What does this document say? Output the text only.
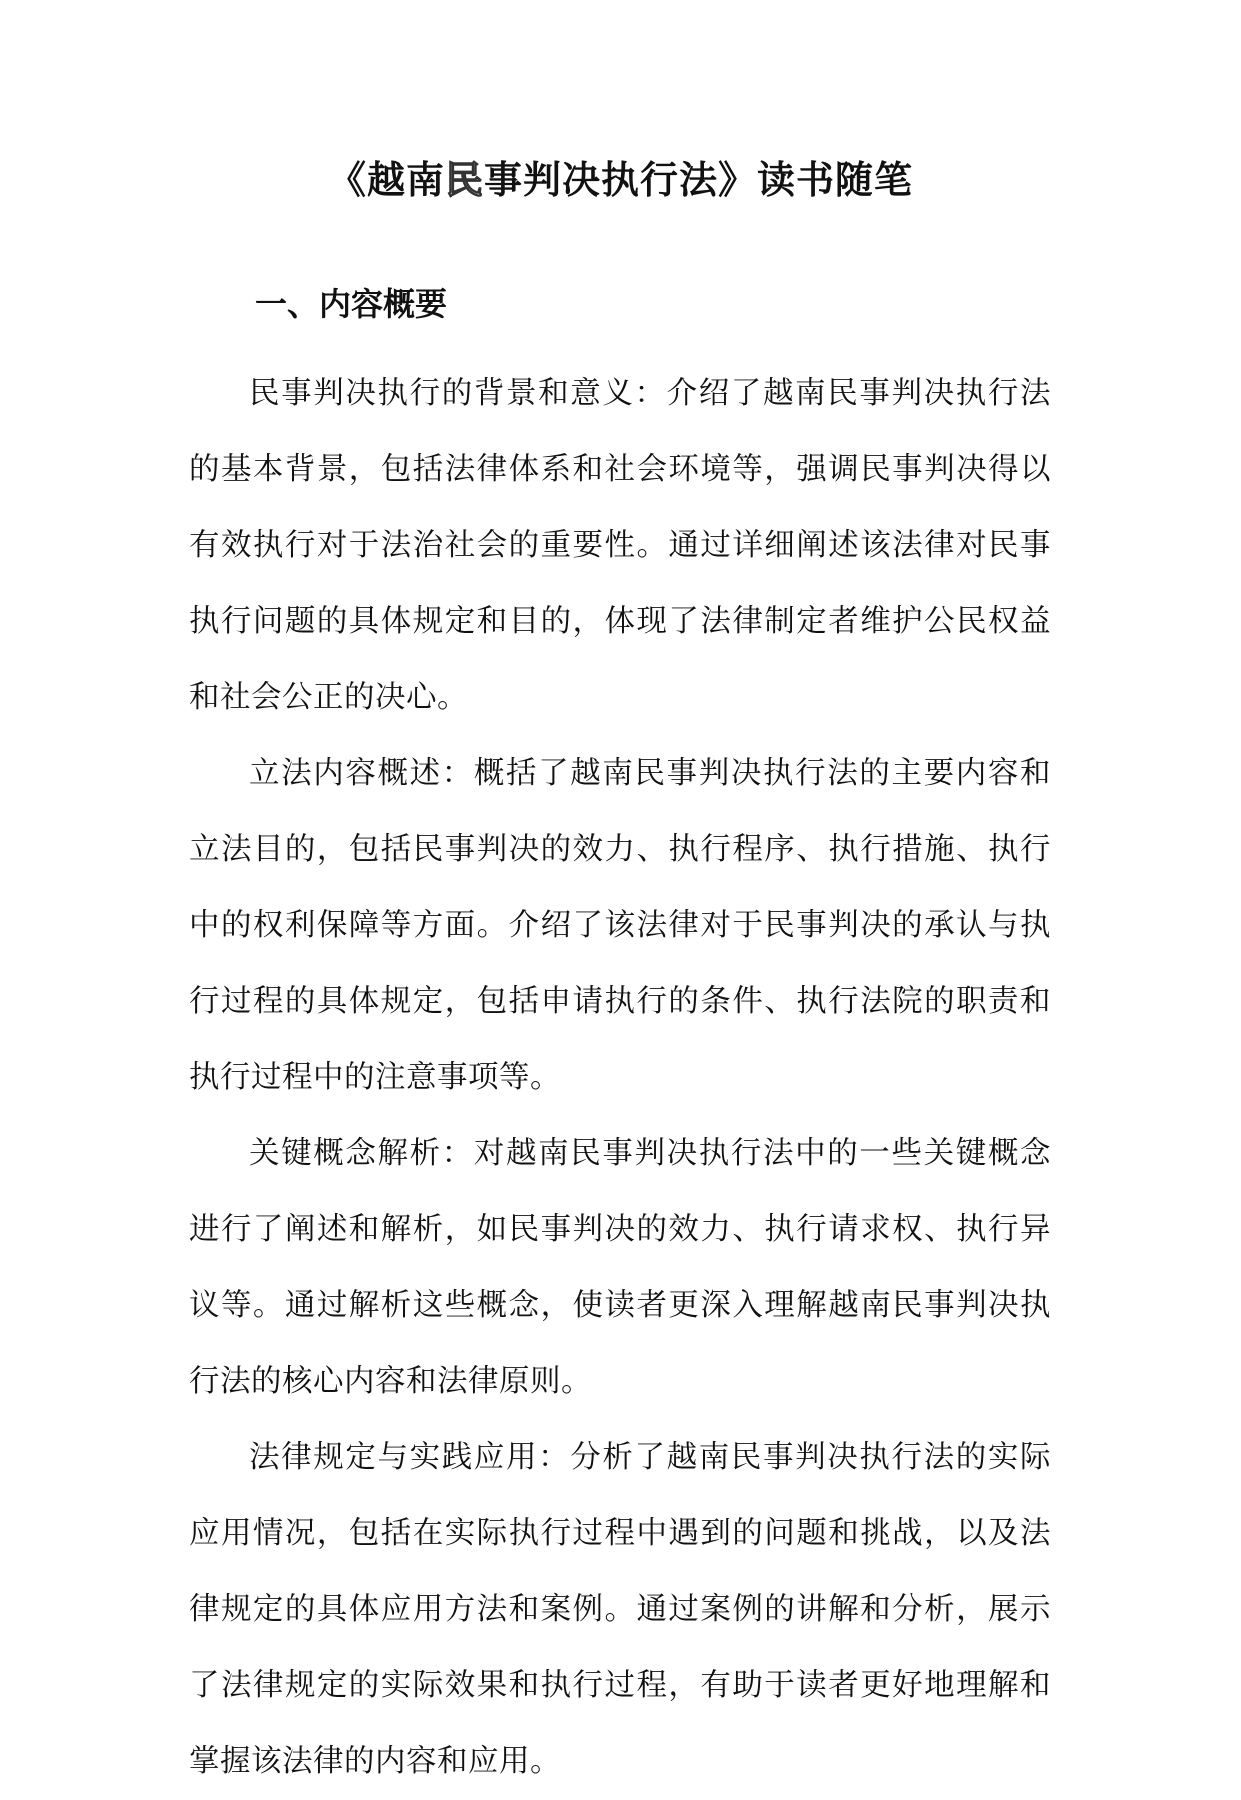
《越南民事判决执行法》读书随笔
一、内容概要

民事判决执行的背景和意义：介绍了越南民事判决执行法的基本背景，包括法律体系和社会环境等，强调民事判决得以有效执行对于法治社会的重要性。通过详细阐述该法律对民事执行问题的具体规定和目的，体现了法律制定者维护公民权益和社会公正的决心。

立法内容概述：概括了越南民事判决执行法的主要内容和立法目的，包括民事判决的效力、执行程序、执行措施、执行中的权利保障等方面。介绍了该法律对于民事判决的承认与执行过程的具体规定，包括申请执行的条件、执行法院的职责和执行过程中的注意事项等。

关键概念解析：对越南民事判决执行法中的一些关键概念进行了阐述和解析，如民事判决的效力、执行请求权、执行异议等。通过解析这些概念，使读者更深入理解越南民事判决执行法的核心内容和法律原则。

法律规定与实践应用：分析了越南民事判决执行法的实际应用情况，包括在实际执行过程中遇到的问题和挑战，以及法律规定的具体应用方法和案例。通过案例的讲解和分析，展示了法律规定的实际效果和执行过程，有助于读者更好地理解和掌握该法律的内容和应用。
